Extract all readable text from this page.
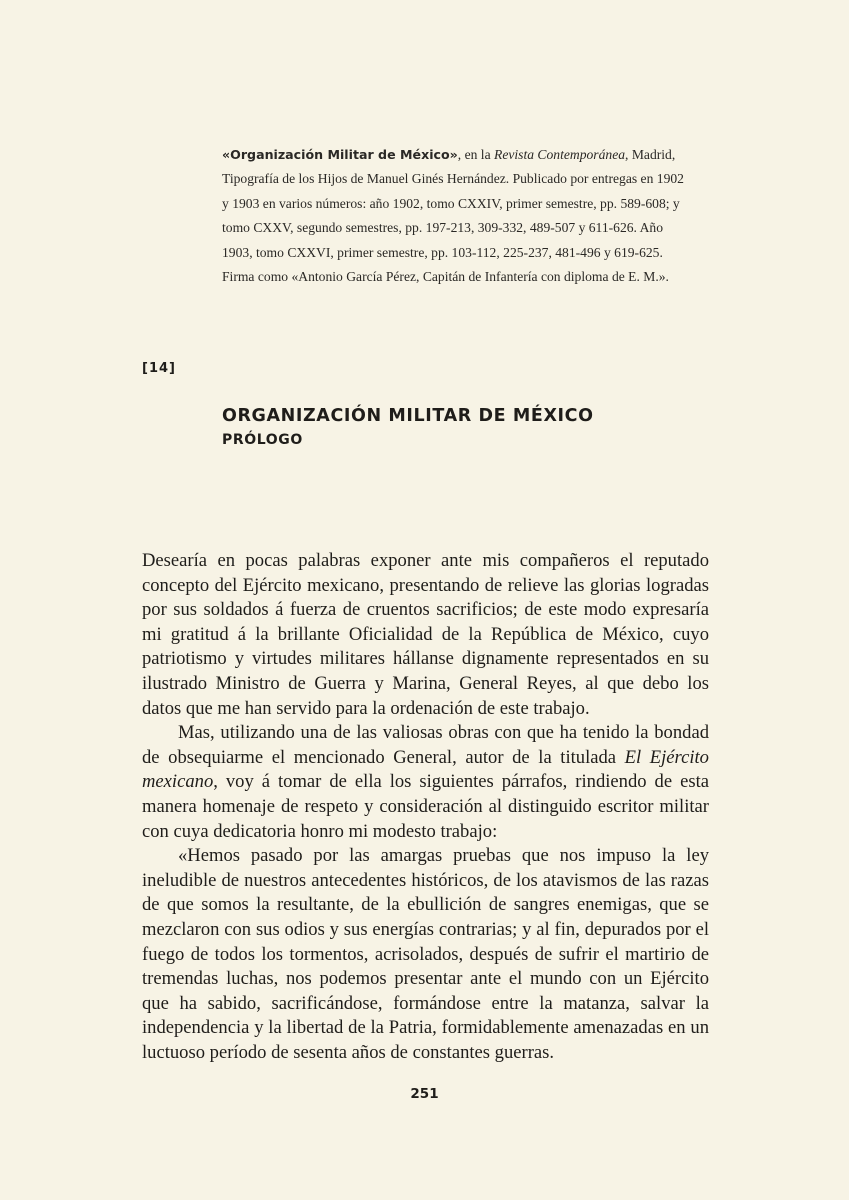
«Organización Militar de México», en la Revista Contemporánea, Madrid, Tipografía de los Hijos de Manuel Ginés Hernández. Publicado por entregas en 1902 y 1903 en varios números: año 1902, tomo CXXIV, primer semestre, pp. 589-608; y tomo CXXV, segundo semestres, pp. 197-213, 309-332, 489-507 y 611-626. Año 1903, tomo CXXVI, primer semestre, pp. 103-112, 225-237, 481-496 y 619-625. Firma como «Antonio García Pérez, Capitán de Infantería con diploma de E. M.».

[14]
ORGANIZACIÓN MILITAR DE MÉXICO
PRÓLOGO

Desearía en pocas palabras exponer ante mis compañeros el reputado concepto del Ejército mexicano, presentando de relieve las glorias logradas por sus soldados á fuerza de cruentos sacrificios; de este modo expresaría mi gratitud á la brillante Oficialidad de la República de México, cuyo patriotismo y virtudes militares hállanse dignamente representados en su ilustrado Ministro de Guerra y Marina, General Reyes, al que debo los datos que me han servido para la ordenación de este trabajo.

Mas, utilizando una de las valiosas obras con que ha tenido la bondad de obsequiarme el mencionado General, autor de la titulada El Ejército mexicano, voy á tomar de ella los siguientes párrafos, rindiendo de esta manera homenaje de respeto y consideración al distinguido escritor militar con cuya dedicatoria honro mi modesto trabajo:

«Hemos pasado por las amargas pruebas que nos impuso la ley ineludible de nuestros antecedentes históricos, de los atavismos de las razas de que somos la resultante, de la ebullición de sangres enemigas, que se mezclaron con sus odios y sus energías contrarias; y al fin, depurados por el fuego de todos los tormentos, acrisolados, después de sufrir el martirio de tremendas luchas, nos podemos presentar ante el mundo con un Ejército que ha sabido, sacrificándose, formándose entre la matanza, salvar la independencia y la libertad de la Patria, formidablemente amenazadas en un luctuoso período de sesenta años de constantes guerras.

251
